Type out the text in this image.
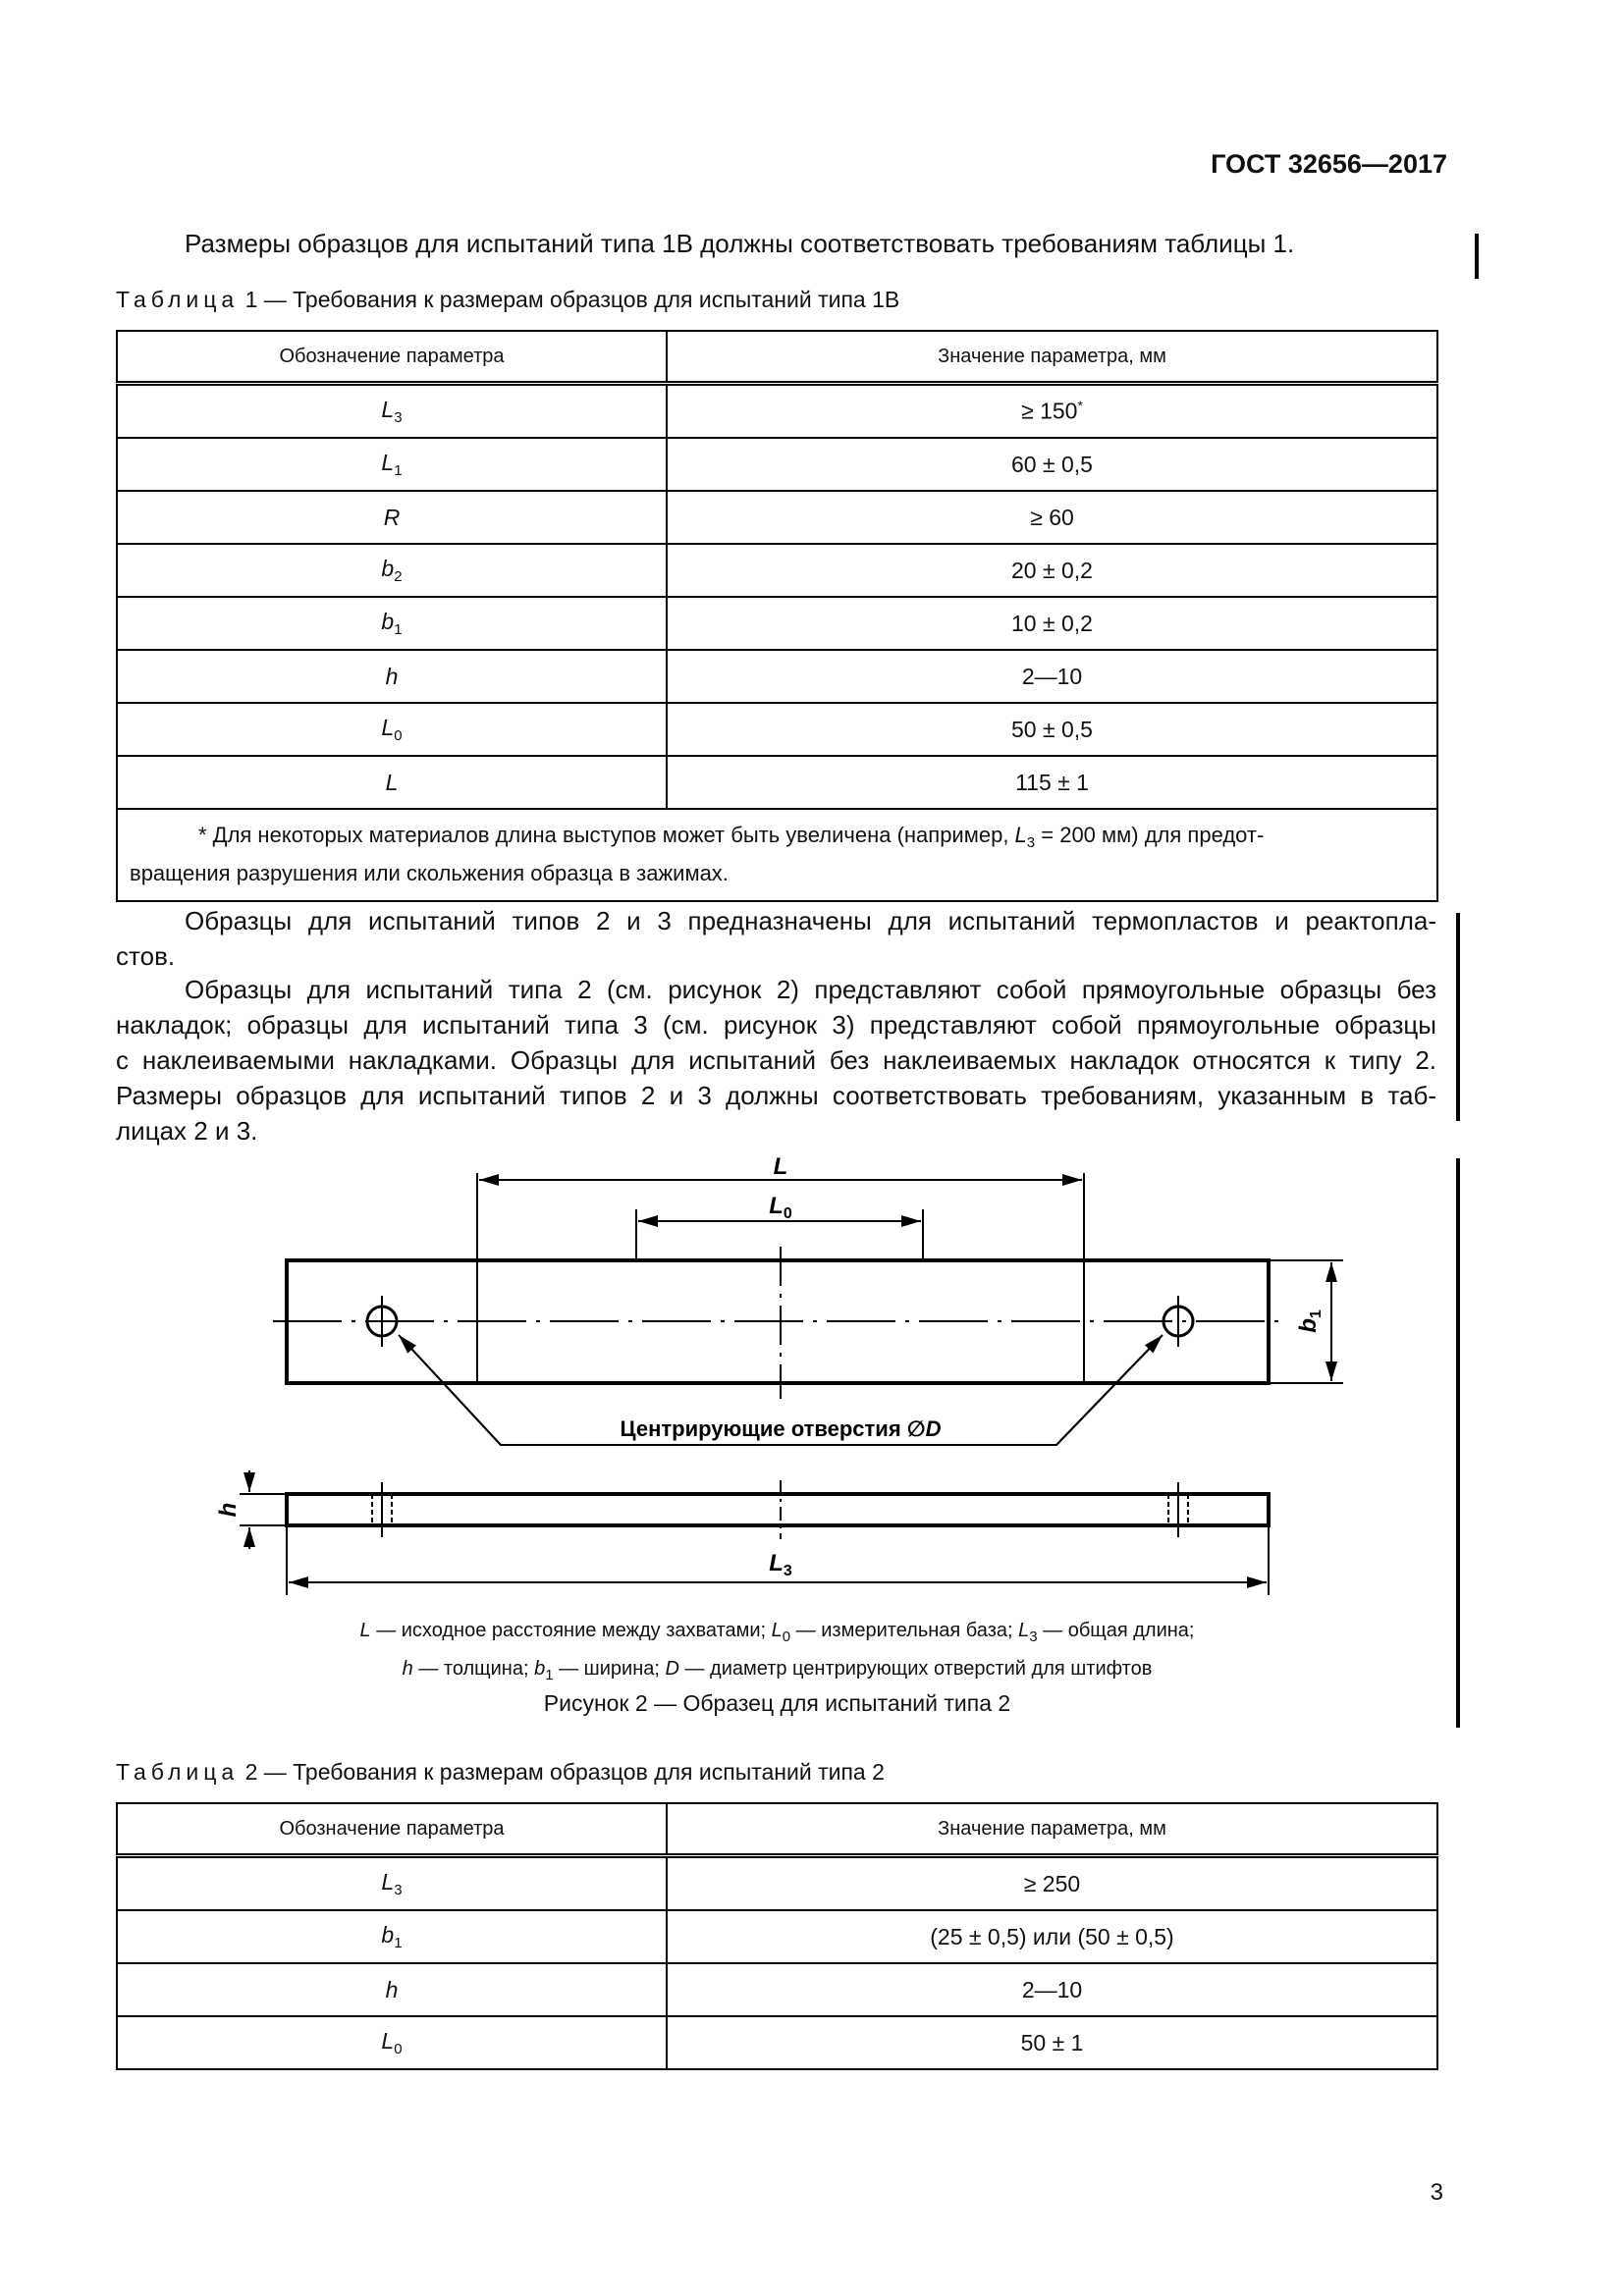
ГОСТ 32656—2017
Размеры образцов для испытаний типа 1В должны соответствовать требованиям таблицы 1.
Таблица 1 — Требования к размерам образцов для испытаний типа 1В
Обозначение параметра	Значение параметра, мм
$L_3$	≥ 150*
$L_1$	60 ± 0,5
R	≥ 60
$b_2$	20 ± 0,2
$b_1$	10 ± 0,2
h	2—10
$L_0$	50 ± 0,5
L	115 ± 1
* Для некоторых материалов длина выступов может быть увеличена (например, $L_3 = 200$ мм) для предот-
вращения разрушения или скольжения образца в зажимах.	
Образцы для испытаний типов 2 и 3 предназначены для испытаний термопластов и реактопла-
стов.
Образцы для испытаний типа 2 (см. рисунок 2) представляют собой прямоугольные образцы без
накладок; образцы для испытаний типа 3 (см. рисунок 3) представляют собой прямоугольные образцы
с наклеиваемыми накладками. Образцы для испытаний без наклеиваемых накладок относятся к типу 2.
Размеры образцов для испытаний типов 2 и 3 должны соответствовать требованиям, указанным в таб-
лицах 2 и 3.
L
$L_0$
$b_1$
Центрирующие отверстия ∅D
h
$L_3$
L — исходное расстояние между захватами; $L_0$ — измерительная база; $L_3$ — общая длина;
h — толщина; $b_1$ — ширина; D — диаметр центрирующих отверстий для штифтов
Рисунок 2 — Образец для испытаний типа 2
Таблица 2 — Требования к размерам образцов для испытаний типа 2
Обозначение параметра	Значение параметра, мм
$L_3$	≥ 250
$b_1$	(25 ± 0,5) или (50 ± 0,5)
h	2—10
$L_0$	50 ± 1
3
